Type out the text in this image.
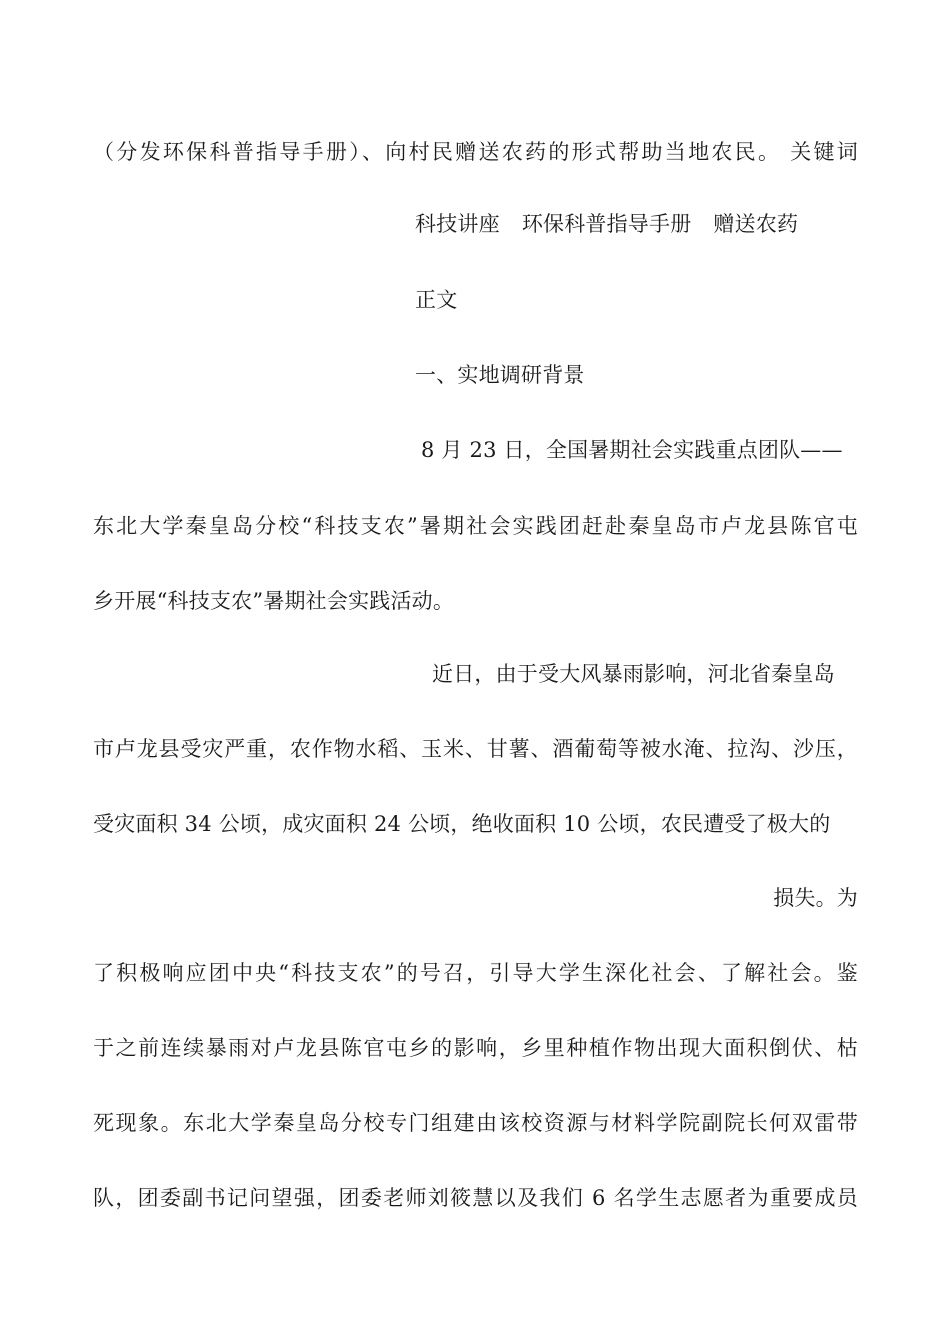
（分发环保科普指导手册）、向村民赠送农药的形式帮助当地农民。 关键词
科技讲座 环保科普指导手册 赠送农药
正文
一、实地调研背景
8 月 23 日，全国暑期社会实践重点团队——
东北大学秦皇岛分校“科技支农”暑期社会实践团赶赴秦皇岛市卢龙县陈官屯
乡开展“科技支农”暑期社会实践活动。
近日，由于受大风暴雨影响，河北省秦皇岛
市卢龙县受灾严重，农作物水稻、玉米、甘薯、酒葡萄等被水淹、拉沟、沙压，
受灾面积 34 公顷，成灾面积 24 公顷，绝收面积 10 公顷，农民遭受了极大的
损失。为
了积极响应团中央“科技支农”的号召，引导大学生深化社会、了解社会。鉴
于之前连续暴雨对卢龙县陈官屯乡的影响，乡里种植作物出现大面积倒伏、枯
死现象。东北大学秦皇岛分校专门组建由该校资源与材料学院副院长何双雷带
队，团委副书记问望强，团委老师刘筱慧以及我们 6 名学生志愿者为重要成员
